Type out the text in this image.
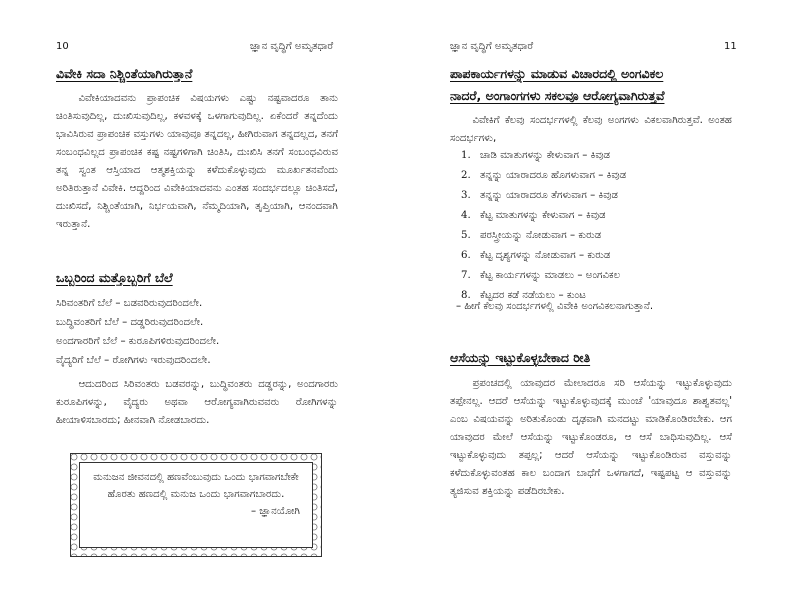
10	ಜ್ಞಾನ ವೃದ್ಧಿಗೆ ಅಮೃತಧಾರೆ
ವಿವೇಕಿ ಸದಾ ನಿಶ್ಚಿಂತೆಯಾಗಿರುತ್ತಾನೆ
ವಿವೇಕಿಯಾದವನು ಪ್ರಾಪಂಚಿಕ ವಿಷಯಗಳು ಎಷ್ಟು ನಷ್ಟವಾದರೂ ತಾನು ಚಿಂತಿಸುವುದಿಲ್ಲ, ದುಃಖಿಸುವುದಿಲ್ಲ, ಕಳವಳಕ್ಕೆ ಒಳಗಾಗುವುದಿಲ್ಲ. ಏಕೆಂದರೆ ತನ್ನದೆಂದು ಭಾವಿಸಿರುವ ಪ್ರಾಪಂಚಿಕ ವಸ್ತುಗಳು ಯಾವುವೂ ತನ್ನದಲ್ಲ, ಹೀಗಿರುವಾಗ ತನ್ನದಲ್ಲದ, ತನಗೆ ಸಂಬಂಧವಿಲ್ಲದ ಪ್ರಾಪಂಚಿಕ ಕಷ್ಟ ನಷ್ಟಗಳಿಗಾಗಿ ಚಿಂತಿಸಿ, ದುಃಖಿಸಿ ತನಗೆ ಸಂಬಂಧವಿರುವ ತನ್ನ ಸ್ವಂತ ಆಸ್ತಿಯಾದ ಆತ್ಮಶಕ್ತಿಯನ್ನು ಕಳೆದುಕೊಳ್ಳುವುದು ಮೂರ್ಖತನವೆಂದು ಅರಿತಿರುತ್ತಾನೆ ವಿವೇಕಿ. ಆದ್ದರಿಂದ ವಿವೇಕಿಯಾದವನು ಎಂತಹ ಸಂದರ್ಭದಲ್ಲೂ ಚಿಂತಿಸದೆ, ದುಃಖಿಸದೆ, ನಿಶ್ಚಿಂತೆಯಾಗಿ, ನಿರ್ಭಯವಾಗಿ, ನೆಮ್ಮದಿಯಾಗಿ, ತೃಪ್ತಿಯಾಗಿ, ಆನಂದವಾಗಿ ಇರುತ್ತಾನೆ.
ಒಬ್ಬರಿಂದ ಮತ್ತೊಬ್ಬರಿಗೆ ಬೆಲೆ
ಸಿರಿವಂತರಿಗೆ ಬೆಲೆ – ಬಡವರಿರುವುದರಿಂದಲೇ.
ಬುದ್ಧಿವಂತರಿಗೆ ಬೆಲೆ – ದಡ್ಡರಿರುವುದರಿಂದಲೇ.
ಅಂದಗಾರರಿಗೆ ಬೆಲೆ – ಕುರೂಪಿಗಳಿರುವುದರಿಂದಲೇ.
ವೈದ್ಯರಿಗೆ ಬೆಲೆ – ರೋಗಿಗಳು ಇರುವುದರಿಂದಲೇ.
ಆದುದರಿಂದ ಸಿರಿವಂತರು ಬಡವರನ್ನು, ಬುದ್ಧಿವಂತರು ದಡ್ಡರನ್ನು, ಅಂದಗಾರರು ಕುರೂಪಿಗಳನ್ನು, ವೈದ್ಯರು ಅಥವಾ ಆರೋಗ್ಯವಾಗಿರುವವರು ರೋಗಿಗಳನ್ನು ಹೀಯಾಳಿಸಬಾರದು; ಹೀನವಾಗಿ ನೋಡಬಾರದು.
ಮನುಜನ ಜೀವನದಲ್ಲಿ ಹಣವೆಂಬುವುದು ಒಂದು ಭಾಗವಾಗಬೇಕೇ ಹೊರತು ಹಣದಲ್ಲಿ ಮನುಜ ಒಂದು ಭಾಗವಾಗಬಾರದು.
– ಜ್ಞಾನಯೋಗಿ
ಜ್ಞಾನ ವೃದ್ಧಿಗೆ ಅಮೃತಧಾರೆ	11
ಪಾಪಕಾರ್ಯಗಳನ್ನು ಮಾಡುವ ವಿಚಾರದಲ್ಲಿ ಅಂಗವಿಕಲ
ನಾದರೆ, ಅಂಗಾಂಗಗಳು ಸಕಲವೂ ಆರೋಗ್ಯವಾಗಿರುತ್ತವೆ
ವಿವೇಕಿಗೆ ಕೆಲವು ಸಂದರ್ಭಗಳಲ್ಲಿ ಕೆಲವು ಅಂಗಗಳು ವಿಕಲವಾಗಿರುತ್ತವೆ. ಅಂತಹ ಸಂದರ್ಭಗಳು,
1. ಚಾಡಿ ಮಾತುಗಳನ್ನು ಕೇಳುವಾಗ – ಕಿವುಡ
2. ತನ್ನನ್ನು ಯಾರಾದರೂ ಹೊಗಳುವಾಗ – ಕಿವುಡ
3. ತನ್ನನ್ನು ಯಾರಾದರೂ ತೆಗಳುವಾಗ – ಕಿವುಡ
4. ಕೆಟ್ಟ ಮಾತುಗಳನ್ನು ಕೇಳುವಾಗ – ಕಿವುಡ
5. ಪರಸ್ತ್ರೀಯನ್ನು ನೋಡುವಾಗ – ಕುರುಡ
6. ಕೆಟ್ಟ ದೃಶ್ಯಗಳನ್ನು ನೋಡುವಾಗ – ಕುರುಡ
7. ಕೆಟ್ಟ ಕಾರ್ಯಗಳನ್ನು ಮಾಡಲು – ಅಂಗವಿಕಲ
8. ಕೆಟ್ಟದರ ಕಡೆ ನಡೆಯಲು – ಕುಂಟ
– ಹೀಗೆ ಕೆಲವು ಸಂದರ್ಭಗಳಲ್ಲಿ ವಿವೇಕಿ ಅಂಗವಿಕಲನಾಗುತ್ತಾನೆ.
ಆಸೆಯನ್ನು ಇಟ್ಟುಕೊಳ್ಳಬೇಕಾದ ರೀತಿ
ಪ್ರಪಂಚದಲ್ಲಿ ಯಾವುದರ ಮೇಲಾದರೂ ಸರಿ ಆಸೆಯನ್ನು ಇಟ್ಟುಕೊಳ್ಳುವುದು ತಪ್ಪೇನಲ್ಲ. ಆದರೆ ಆಸೆಯನ್ನು ಇಟ್ಟುಕೊಳ್ಳುವುದಕ್ಕೆ ಮುಂಚೆ 'ಯಾವುದೂ ಶಾಶ್ವತವಲ್ಲ' ಎಂಬ ವಿಷಯವನ್ನು ಅರಿತುಕೊಂಡು ದೃಢವಾಗಿ ಮನದಟ್ಟು ಮಾಡಿಕೊಂಡಿರಬೇಕು. ಆಗ ಯಾವುದರ ಮೇಲೆ ಆಸೆಯನ್ನು ಇಟ್ಟುಕೊಂಡರೂ, ಆ ಆಸೆ ಬಾಧಿಸುವುದಿಲ್ಲ. ಆಸೆ ಇಟ್ಟುಕೊಳ್ಳುವುದು ತಪ್ಪಲ್ಲ; ಆದರೆ ಆಸೆಯನ್ನು ಇಟ್ಟುಕೊಂಡಿರುವ ವಸ್ತುವನ್ನು ಕಳೆದುಕೊಳ್ಳುವಂತಹ ಕಾಲ ಬಂದಾಗ ಬಾಧೆಗೆ ಒಳಗಾಗದೆ, ಇಷ್ಟಪಟ್ಟ ಆ ವಸ್ತುವನ್ನು ತ್ಯಜಿಸುವ ಶಕ್ತಿಯನ್ನು ಪಡೆದಿರಬೇಕು.
